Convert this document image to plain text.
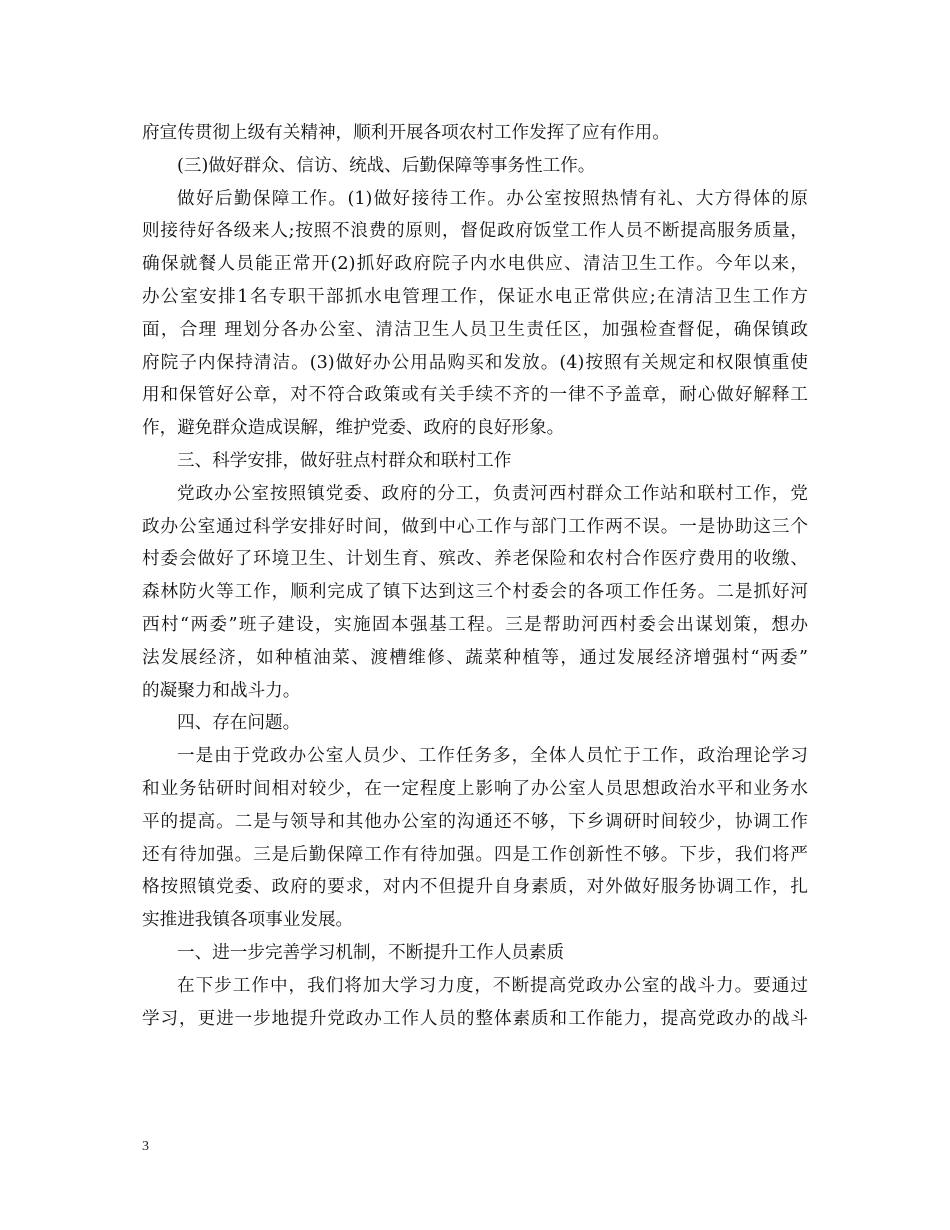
府宣传贯彻上级有关精神，顺利开展各项农村工作发挥了应有作用。
(三)做好群众、信访、统战、后勤保障等事务性工作。
做好后勤保障工作。(1)做好接待工作。办公室按照热情有礼、大方得体的原
则接待好各级来人;按照不浪费的原则，督促政府饭堂工作人员不断提高服务质量，
确保就餐人员能正常开(2)抓好政府院子内水电供应、清洁卫生工作。今年以来，
办公室安排1名专职干部抓水电管理工作，保证水电正常供应;在清洁卫生工作方
面，合理 理划分各办公室、清洁卫生人员卫生责任区，加强检查督促，确保镇政
府院子内保持清洁。(3)做好办公用品购买和发放。(4)按照有关规定和权限慎重使
用和保管好公章，对不符合政策或有关手续不齐的一律不予盖章，耐心做好解释工
作，避免群众造成误解，维护党委、政府的良好形象。
三、科学安排，做好驻点村群众和联村工作
党政办公室按照镇党委、政府的分工，负责河西村群众工作站和联村工作，党
政办公室通过科学安排好时间，做到中心工作与部门工作两不误。一是协助这三个
村委会做好了环境卫生、计划生育、殡改、养老保险和农村合作医疗费用的收缴、
森林防火等工作，顺利完成了镇下达到这三个村委会的各项工作任务。二是抓好河
西村“两委”班子建设，实施固本强基工程。三是帮助河西村委会出谋划策，想办
法发展经济，如种植油菜、渡槽维修、蔬菜种植等，通过发展经济增强村“两委”
的凝聚力和战斗力。
四、存在问题。
一是由于党政办公室人员少、工作任务多，全体人员忙于工作，政治理论学习
和业务钻研时间相对较少，在一定程度上影响了办公室人员思想政治水平和业务水
平的提高。二是与领导和其他办公室的沟通还不够，下乡调研时间较少，协调工作
还有待加强。三是后勤保障工作有待加强。四是工作创新性不够。下步，我们将严
格按照镇党委、政府的要求，对内不但提升自身素质，对外做好服务协调工作，扎
实推进我镇各项事业发展。
一、进一步完善学习机制，不断提升工作人员素质
在下步工作中，我们将加大学习力度，不断提高党政办公室的战斗力。要通过
学习，更进一步地提升党政办工作人员的整体素质和工作能力，提高党政办的战斗
3
